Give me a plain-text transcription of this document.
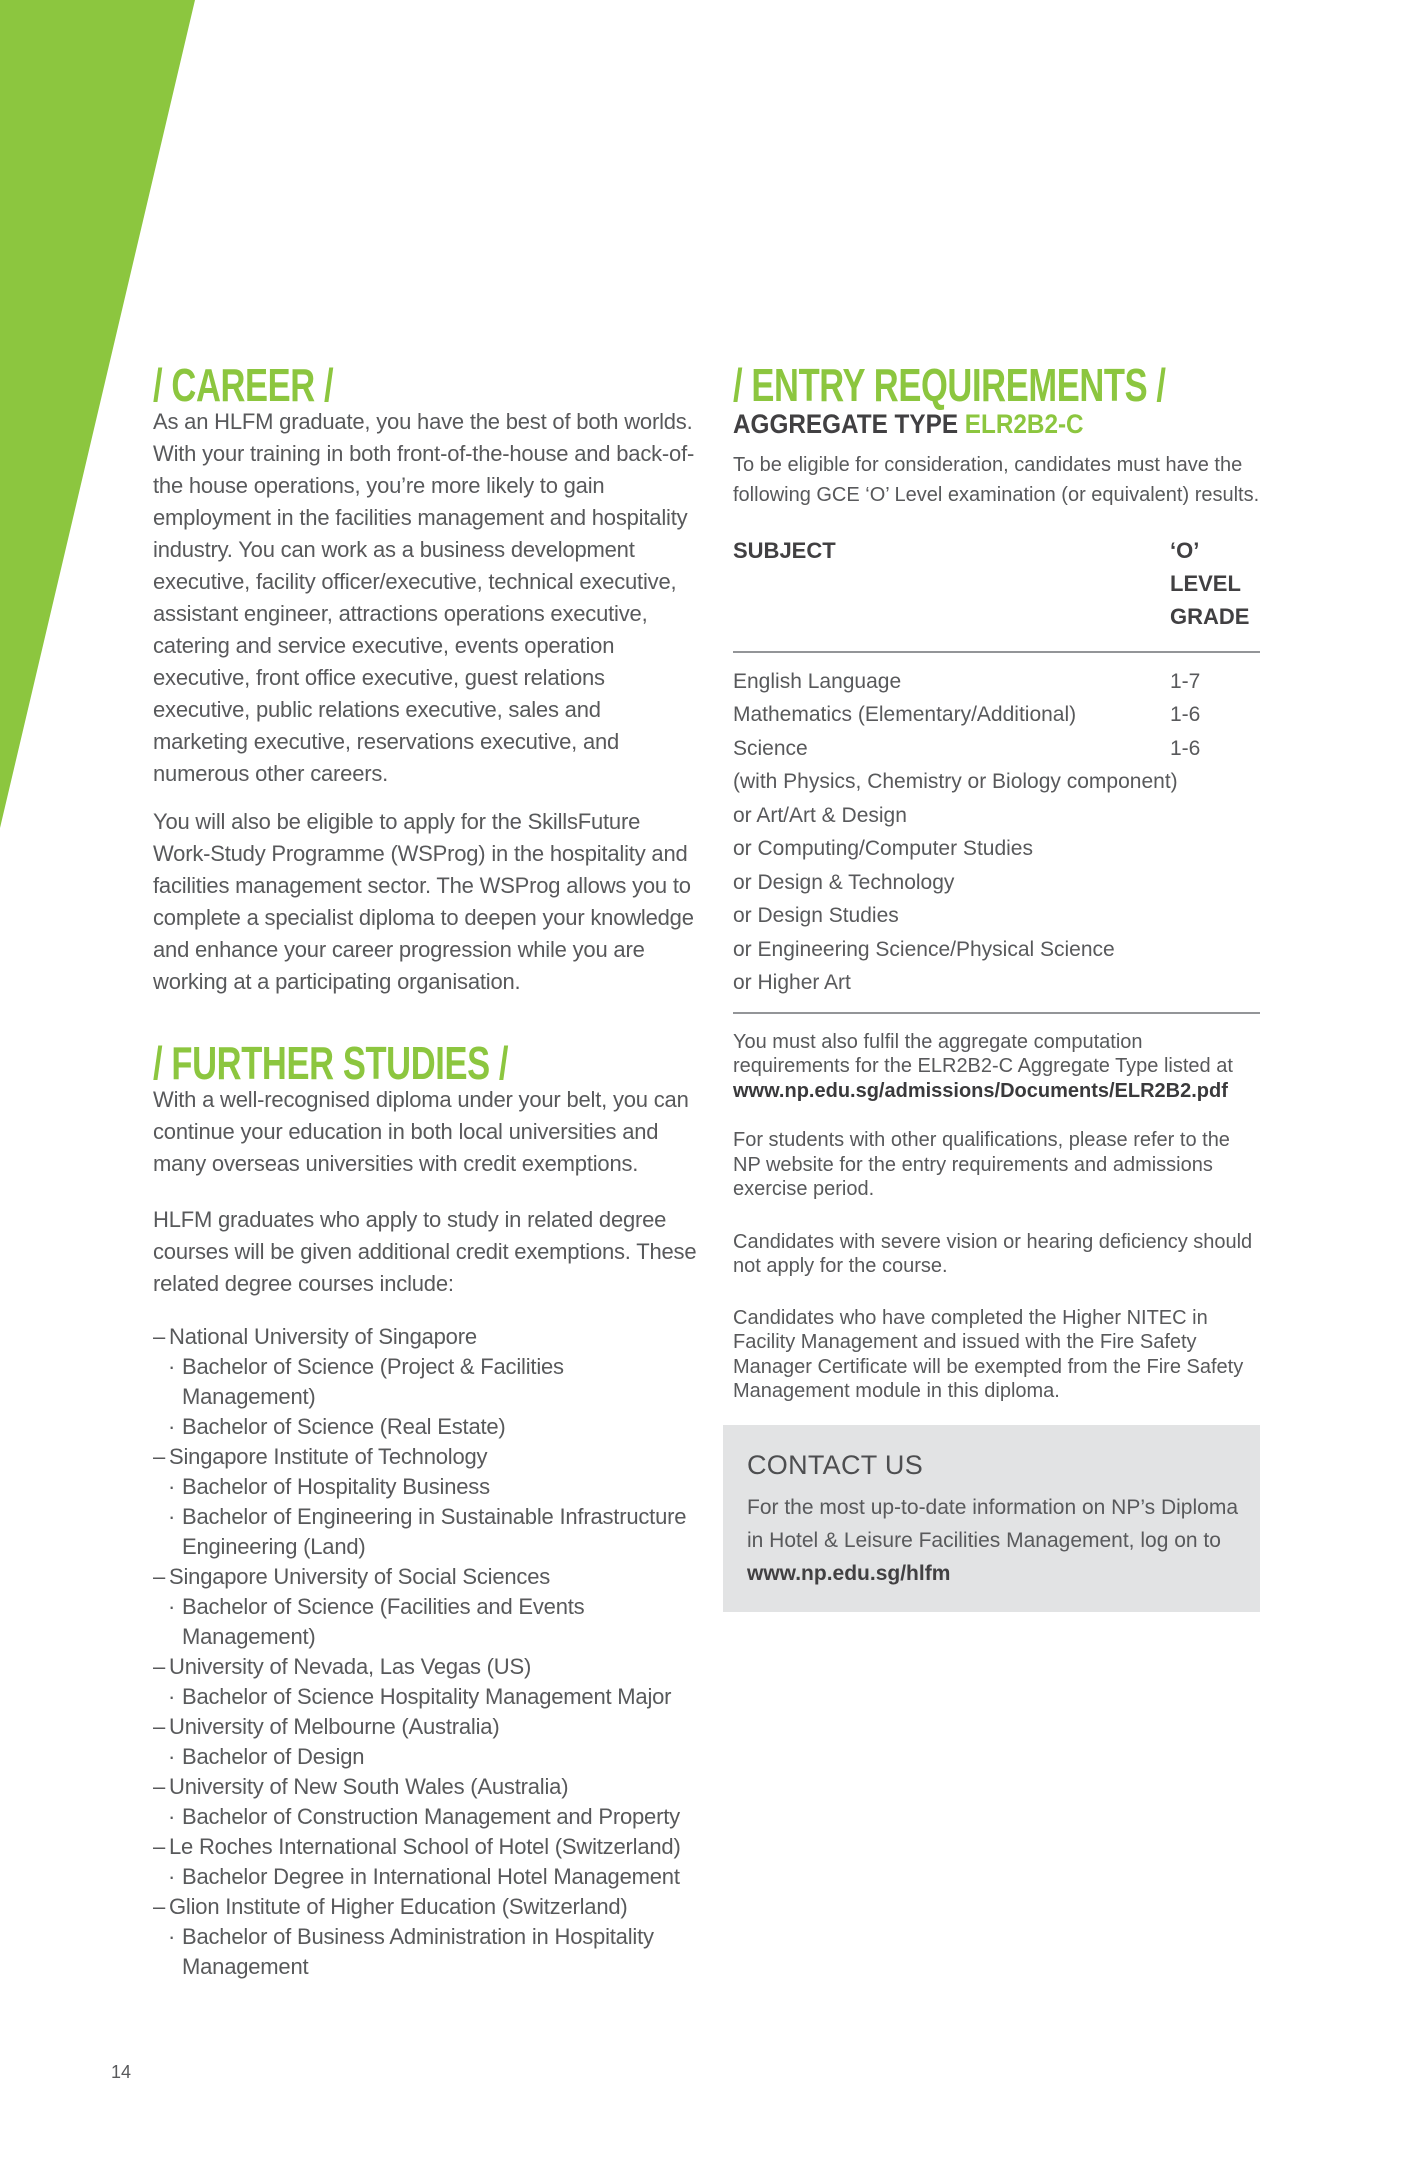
/ CAREER /

As an HLFM graduate, you have the best of both worlds. With your training in both front-of-the-house and back-of-the house operations, you’re more likely to gain employment in the facilities management and hospitality industry. You can work as a business development executive, facility officer/executive, technical executive, assistant engineer, attractions operations executive, catering and service executive, events operation executive, front office executive, guest relations executive, public relations executive, sales and marketing executive, reservations executive, and numerous other careers.

You will also be eligible to apply for the SkillsFuture Work-Study Programme (WSProg) in the hospitality and facilities management sector. The WSProg allows you to complete a specialist diploma to deepen your knowledge and enhance your career progression while you are working at a participating organisation.

/ FURTHER STUDIES /

With a well-recognised diploma under your belt, you can continue your education in both local universities and many overseas universities with credit exemptions.

HLFM graduates who apply to study in related degree courses will be given additional credit exemptions. These related degree courses include:

– National University of Singapore
· Bachelor of Science (Project & Facilities Management)
· Bachelor of Science (Real Estate)
– Singapore Institute of Technology
· Bachelor of Hospitality Business
· Bachelor of Engineering in Sustainable Infrastructure Engineering (Land)
– Singapore University of Social Sciences
· Bachelor of Science (Facilities and Events Management)
– University of Nevada, Las Vegas (US)
· Bachelor of Science Hospitality Management Major
– University of Melbourne (Australia)
· Bachelor of Design
– University of New South Wales (Australia)
· Bachelor of Construction Management and Property
– Le Roches International School of Hotel (Switzerland)
· Bachelor Degree in International Hotel Management
– Glion Institute of Higher Education (Switzerland)
· Bachelor of Business Administration in Hospitality Management
/ ENTRY REQUIREMENTS /
AGGREGATE TYPE ELR2B2-C

To be eligible for consideration, candidates must have the following GCE ‘O’ Level examination (or equivalent) results.

SUBJECT	‘O’ LEVEL
GRADE
English Language	1-7
Mathematics (Elementary/Additional)	1-6
Science	1-6
(with Physics, Chemistry or Biology component)
or Art/Art & Design
or Computing/Computer Studies
or Design & Technology
or Design Studies
or Engineering Science/Physical Science
or Higher Art

You must also fulfil the aggregate computation requirements for the ELR2B2-C Aggregate Type listed at
www.np.edu.sg/admissions/Documents/ELR2B2.pdf

For students with other qualifications, please refer to the NP website for the entry requirements and admissions exercise period.

Candidates with severe vision or hearing deficiency should not apply for the course.

Candidates who have completed the Higher NITEC in Facility Management and issued with the Fire Safety Manager Certificate will be exempted from the Fire Safety Management module in this diploma.

CONTACT US

For the most up-to-date information on NP’s Diploma in Hotel & Leisure Facilities Management, log on to
www.np.edu.sg/hlfm

14
